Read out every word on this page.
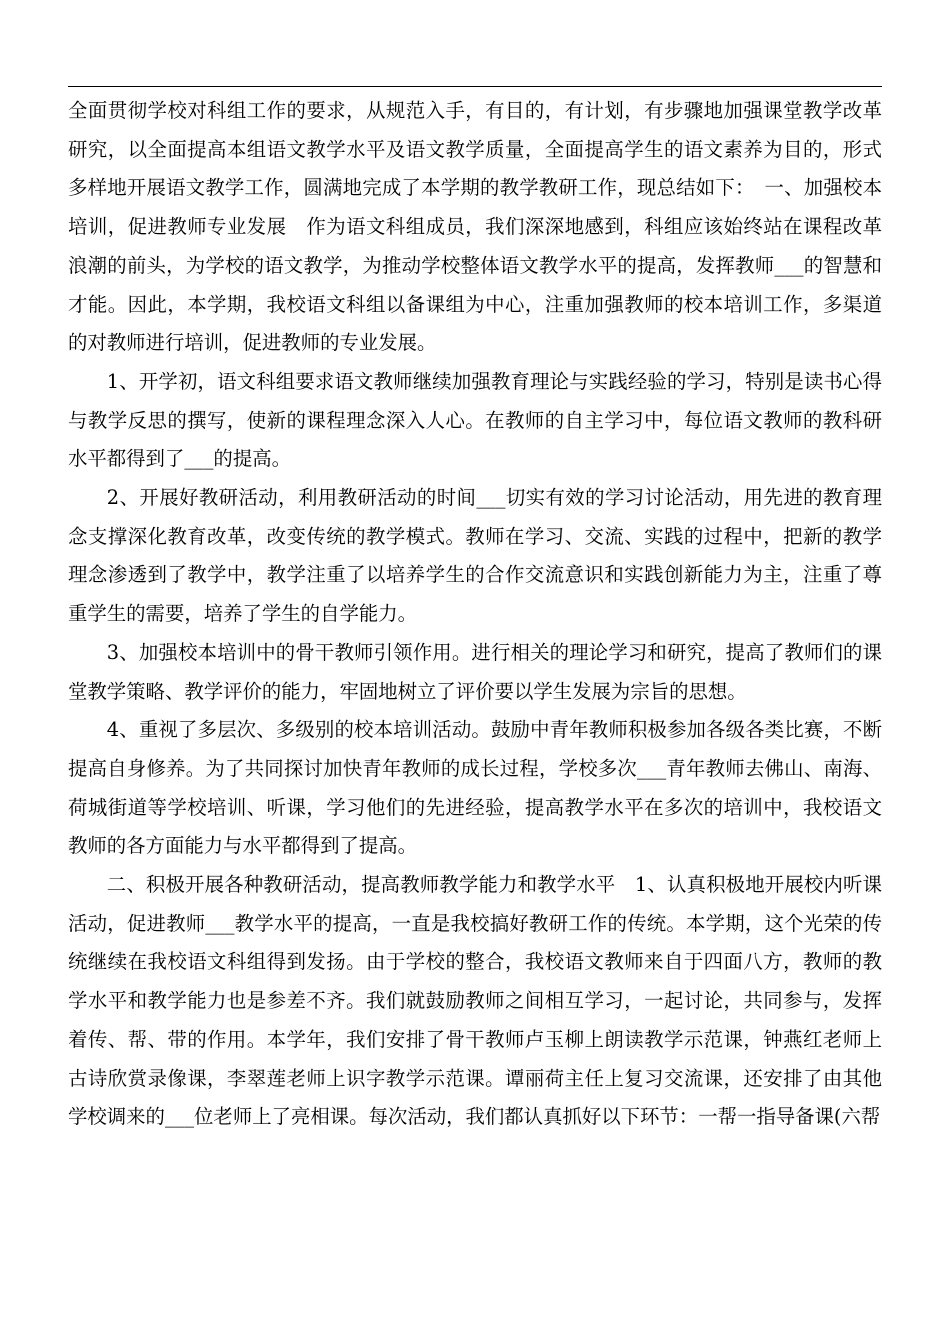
全面贯彻学校对科组工作的要求，从规范入手，有目的，有计划，有步骤地加强课堂教学改革研究，以全面提高本组语文教学水平及语文教学质量，全面提高学生的语文素养为目的，形式多样地开展语文教学工作，圆满地完成了本学期的教学教研工作，现总结如下：　一、加强校本培训，促进教师专业发展　作为语文科组成员，我们深深地感到，科组应该始终站在课程改革浪潮的前头，为学校的语文教学，为推动学校整体语文教学水平的提高，发挥教师___的智慧和才能。因此，本学期，我校语文科组以备课组为中心，注重加强教师的校本培训工作，多渠道的对教师进行培训，促进教师的专业发展。

1、开学初，语文科组要求语文教师继续加强教育理论与实践经验的学习，特别是读书心得与教学反思的撰写，使新的课程理念深入人心。在教师的自主学习中，每位语文教师的教科研水平都得到了___的提高。

2、开展好教研活动，利用教研活动的时间___切实有效的学习讨论活动，用先进的教育理念支撑深化教育改革，改变传统的教学模式。教师在学习、交流、实践的过程中，把新的教学理念渗透到了教学中，教学注重了以培养学生的合作交流意识和实践创新能力为主，注重了尊重学生的需要，培养了学生的自学能力。

3、加强校本培训中的骨干教师引领作用。进行相关的理论学习和研究，提高了教师们的课堂教学策略、教学评价的能力，牢固地树立了评价要以学生发展为宗旨的思想。

4、重视了多层次、多级别的校本培训活动。鼓励中青年教师积极参加各级各类比赛，不断提高自身修养。为了共同探讨加快青年教师的成长过程，学校多次___青年教师去佛山、南海、荷城街道等学校培训、听课，学习他们的先进经验，提高教学水平在多次的培训中，我校语文教师的各方面能力与水平都得到了提高。

二、积极开展各种教研活动，提高教师教学能力和教学水平　1、认真积极地开展校内听课活动，促进教师___教学水平的提高，一直是我校搞好教研工作的传统。本学期，这个光荣的传统继续在我校语文科组得到发扬。由于学校的整合，我校语文教师来自于四面八方，教师的教学水平和教学能力也是参差不齐。我们就鼓励教师之间相互学习，一起讨论，共同参与，发挥着传、帮、带的作用。本学年，我们安排了骨干教师卢玉柳上朗读教学示范课，钟燕红老师上古诗欣赏录像课，李翠莲老师上识字教学示范课。谭丽荷主任上复习交流课，还安排了由其他学校调来的___位老师上了亮相课。每次活动，我们都认真抓好以下环节：一帮一指导备课(六帮
